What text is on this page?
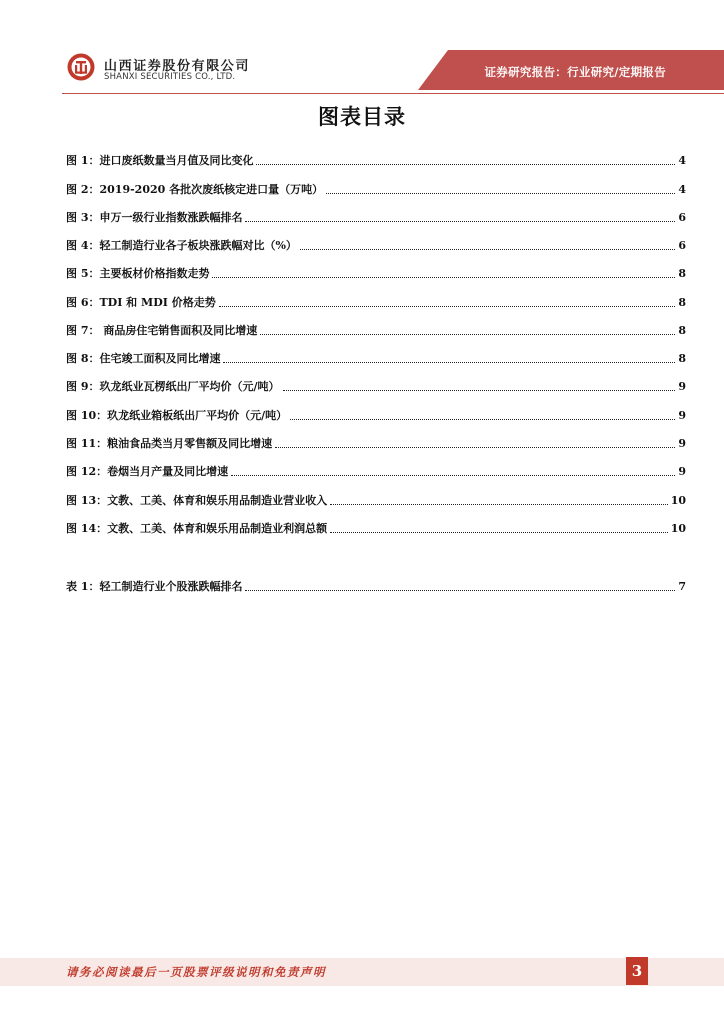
山西证券股份有限公司
SHANXI SECURITIES CO., LTD.	证券研究报告：行业研究/定期报告
图表目录
图 1：进口废纸数量当月值及同比变化	4
图 2：2019-2020 各批次废纸核定进口量（万吨）	4
图 3：申万一级行业指数涨跌幅排名	6
图 4：轻工制造行业各子板块涨跌幅对比（%）	6
图 5：主要板材价格指数走势	8
图 6：TDI 和 MDI 价格走势	8
图 7： 商品房住宅销售面积及同比增速	8
图 8：住宅竣工面积及同比增速	8
图 9：玖龙纸业瓦楞纸出厂平均价（元/吨）	9
图 10：玖龙纸业箱板纸出厂平均价（元/吨）	9
图 11：粮油食品类当月零售额及同比增速	9
图 12：卷烟当月产量及同比增速	9
图 13：文教、工美、体育和娱乐用品制造业营业收入	10
图 14：文教、工美、体育和娱乐用品制造业利润总额	10
表 1：轻工制造行业个股涨跌幅排名	7
请务必阅读最后一页股票评级说明和免责声明	3
